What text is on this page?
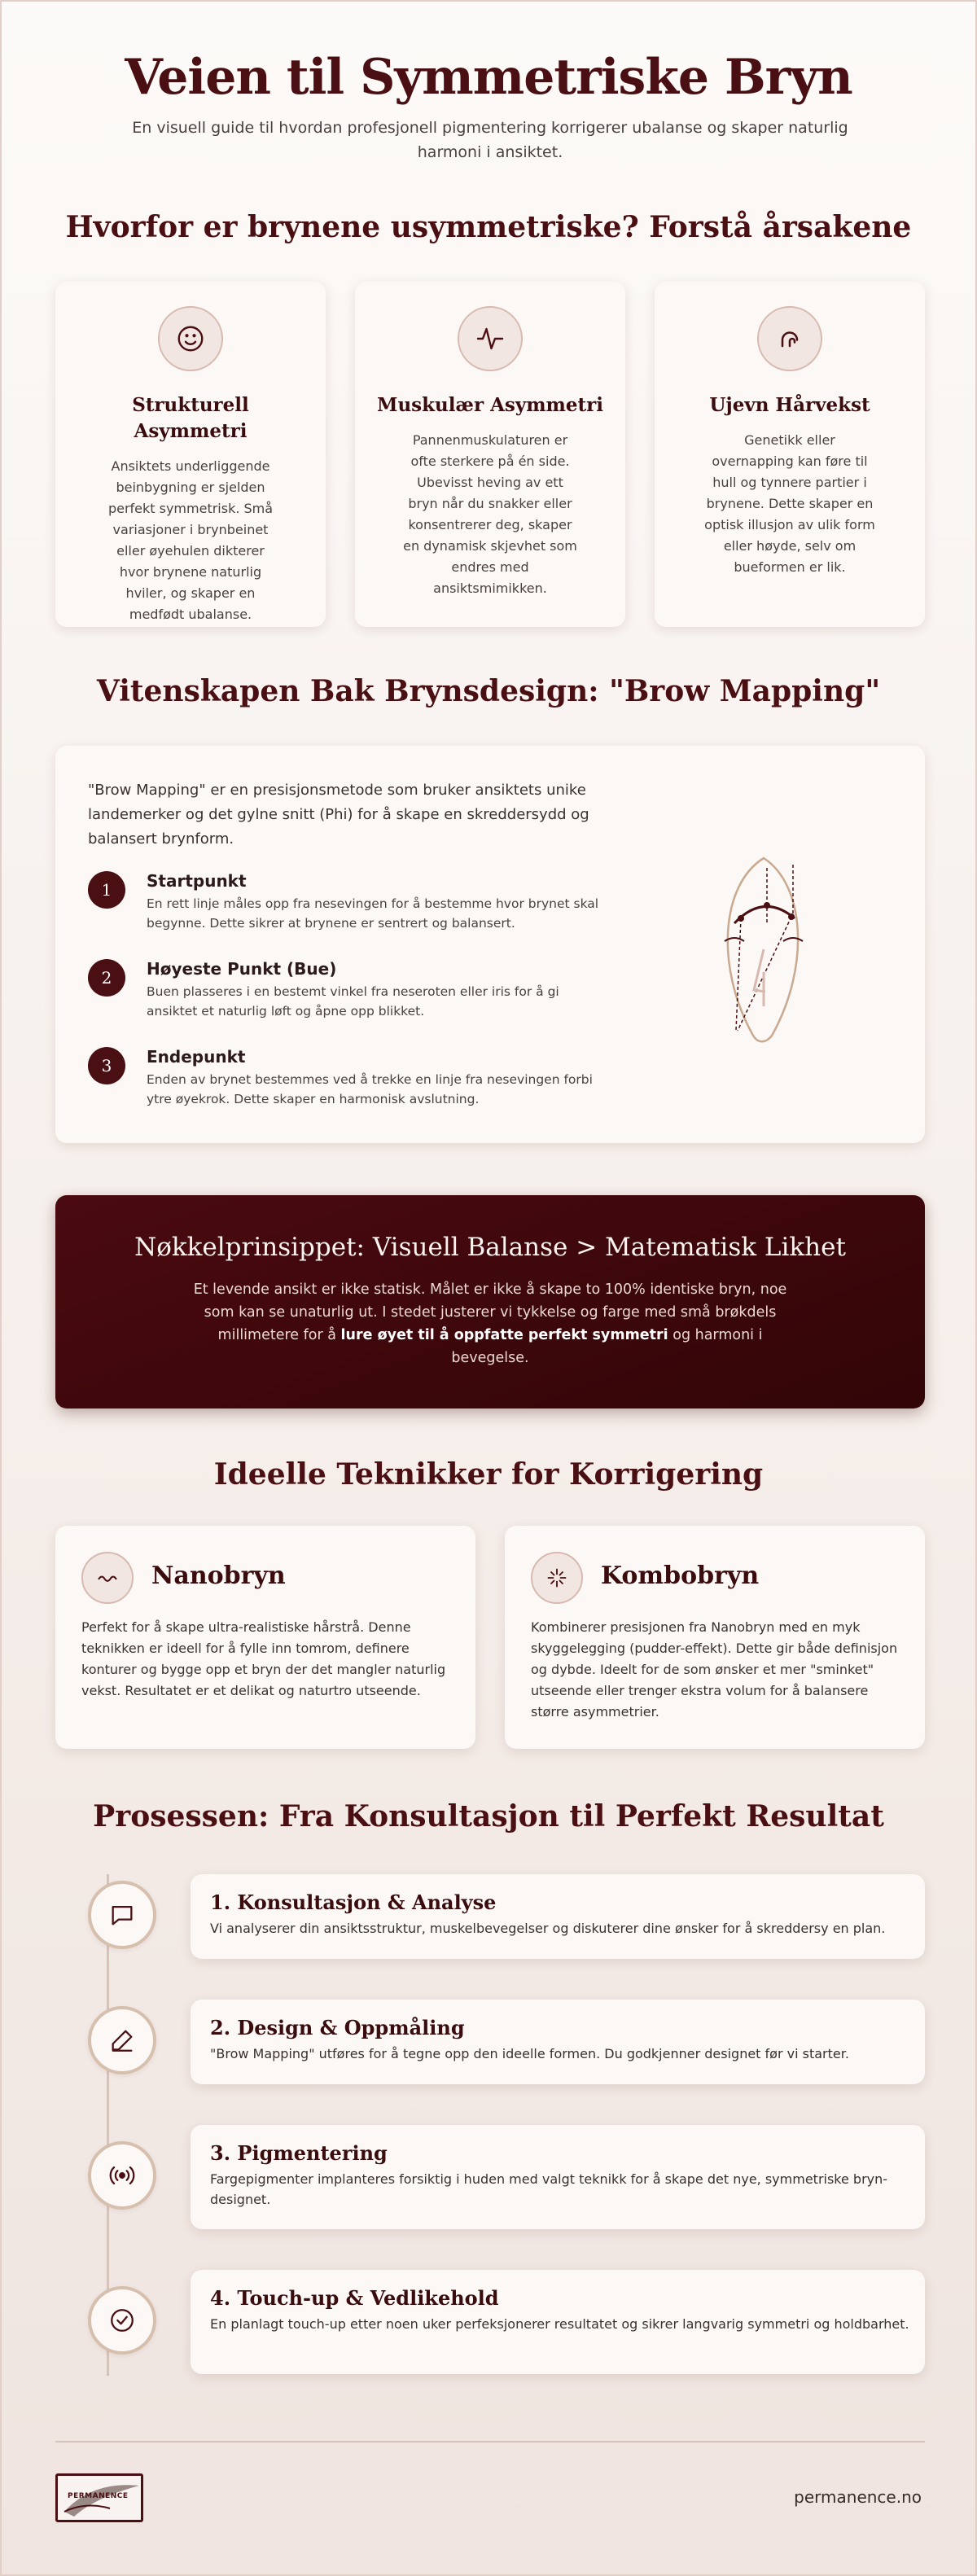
Veien til Symmetriske Bryn

En visuell guide til hvordan profesjonell pigmentering korrigerer ubalanse og skaper naturlig harmoni i ansiktet.

Hvorfor er brynene usymmetriske? Forstå årsakene
Strukturell Asymmetri
Ansiktets underliggende beinbygning er sjelden perfekt symmetrisk. Små variasjoner i brynbeinet eller øyehulen dikterer hvor brynene naturlig hviler, og skaper en medfødt ubalanse.
Muskulær Asymmetri
Pannenmuskulaturen er ofte sterkere på én side. Ubevisst heving av ett bryn når du snakker eller konsentrerer deg, skaper en dynamisk skjevhet som endres med ansiktsmimikken.
Ujevn Hårvekst
Genetikk eller overnapping kan føre til hull og tynnere partier i brynene. Dette skaper en optisk illusjon av ulik form eller høyde, selv om bueformen er lik.
Vitenskapen Bak Brynsdesign: "Brow Mapping"

"Brow Mapping" er en presisjonsmetode som bruker ansiktets unike landemerker og det gylne snitt (Phi) for å skape en skreddersydd og balansert brynform.

1	Startpunkt
En rett linje måles opp fra nesevingen for å bestemme hvor brynet skal begynne. Dette sikrer at brynene er sentrert og balansert.
2	Høyeste Punkt (Bue)
Buen plasseres i en bestemt vinkel fra neseroten eller iris for å gi ansiktet et naturlig løft og åpne opp blikket.
3	Endepunkt
Enden av brynet bestemmes ved å trekke en linje fra nesevingen forbi ytre øyekrok. Dette skaper en harmonisk avslutning.
Nøkkelprinsippet: Visuell Balanse > Matematisk Likhet

Et levende ansikt er ikke statisk. Målet er ikke å skape to 100% identiske bryn, noe som kan se unaturlig ut. I stedet justerer vi tykkelse og farge med små brøkdels millimetere for å lure øyet til å oppfatte perfekt symmetri og harmoni i bevegelse.

Ideelle Teknikker for Korrigering
Nanobryn
Perfekt for å skape ultra-realistiske hårstrå. Denne teknikken er ideell for å fylle inn tomrom, definere konturer og bygge opp et bryn der det mangler naturlig vekst. Resultatet er et delikat og naturtro utseende.
Kombobryn
Kombinerer presisjonen fra Nanobryn med en myk skyggelegging (pudder-effekt). Dette gir både definisjon og dybde. Ideelt for de som ønsker et mer "sminket" utseende eller trenger ekstra volum for å balansere større asymmetrier.
Prosessen: Fra Konsultasjon til Perfekt Resultat
1. Konsultasjon & Analyse
Vi analyserer din ansiktsstruktur, muskelbevegelser og diskuterer dine ønsker for å skreddersy en plan.
2. Design & Oppmåling
"Brow Mapping" utføres for å tegne opp den ideelle formen. Du godkjenner designet før vi starter.
3. Pigmentering
Fargepigmenter implanteres forsiktig i huden med valgt teknikk for å skape det nye, symmetriske bryn-designet.
4. Touch-up & Vedlikehold
En planlagt touch-up etter noen uker perfeksjonerer resultatet og sikrer langvarig symmetri og holdbarhet.
PERMANENCE	permanence.no
